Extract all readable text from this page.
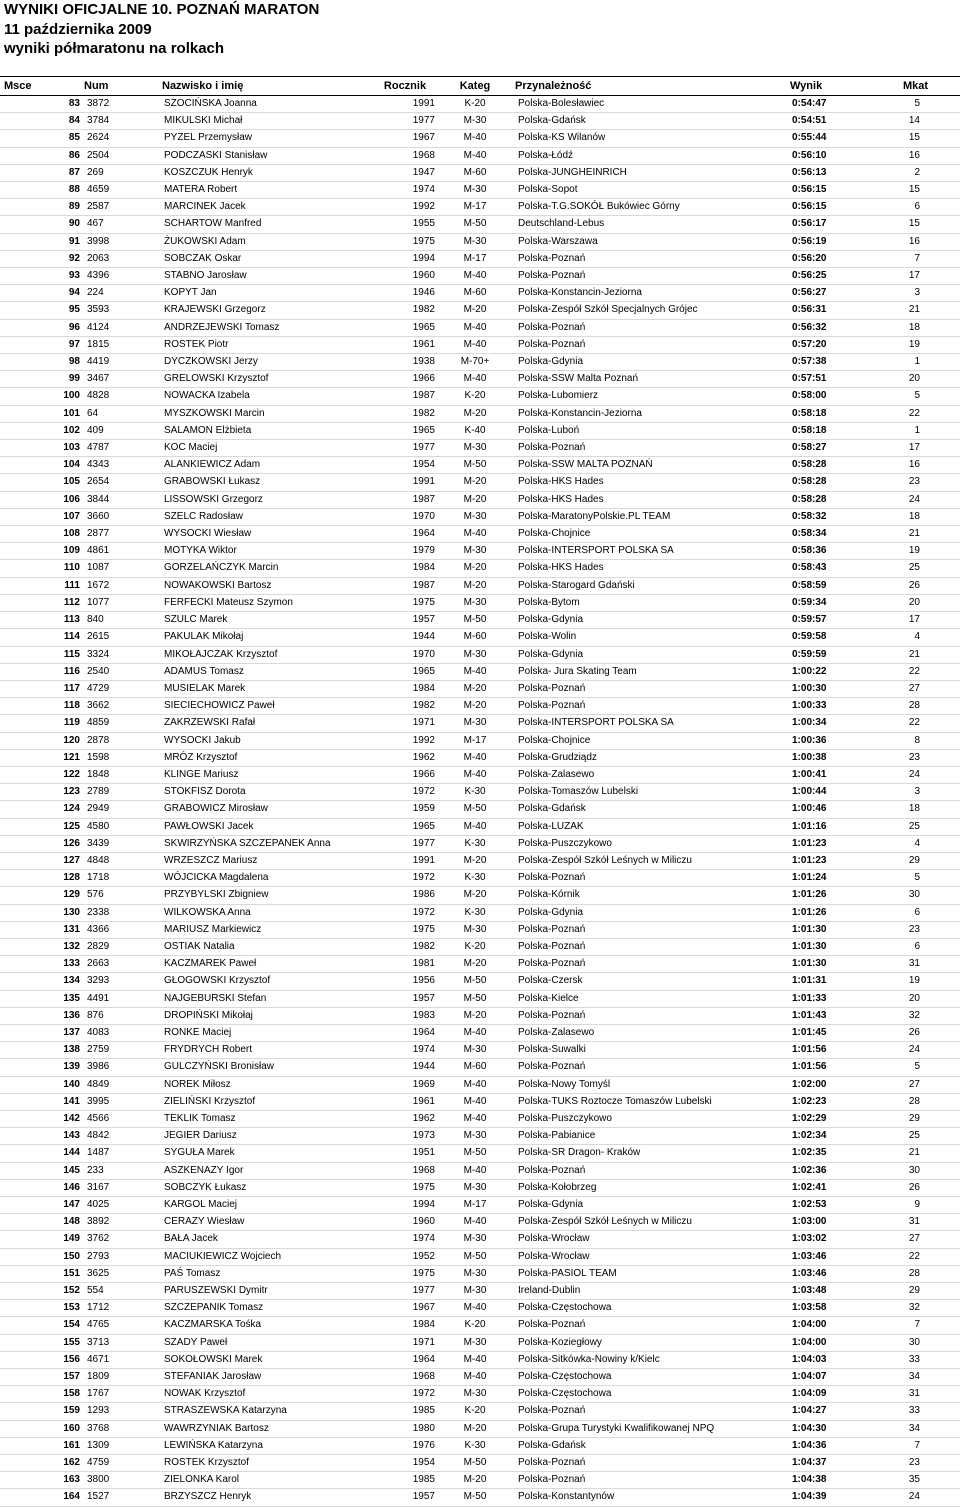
WYNIKI OFICJALNE 10. POZNAŃ MARATON
11 października 2009
wyniki półmaratonu na rolkach
Msce	Num	Nazwisko i imię	Rocznik	Kateg	Przynależność	Wynik	Mkat
83	3872	SZOCIŃSKA Joanna	1991	K-20	Polska-Bolesławiec	0:54:47	5
84	3784	MIKULSKI Michał	1977	M-30	Polska-Gdańsk	0:54:51	14
85	2624	PYZEL Przemysław	1967	M-40	Polska-KS Wilanów	0:55:44	15
86	2504	PODCZASKI Stanisław	1968	M-40	Polska-Łódź	0:56:10	16
87	269	KOSZCZUK Henryk	1947	M-60	Polska-JUNGHEINRICH	0:56:13	2
88	4659	MATERA Robert	1974	M-30	Polska-Sopot	0:56:15	15
89	2587	MARCINEK Jacek	1992	M-17	Polska-T.G.SOKÓŁ Bukówiec Górny	0:56:15	6
90	467	SCHARTOW Manfred	1955	M-50	Deutschland-Lebus	0:56:17	15
91	3998	ŻUKOWSKI Adam	1975	M-30	Polska-Warszawa	0:56:19	16
92	2063	SOBCZAK Oskar	1994	M-17	Polska-Poznań	0:56:20	7
93	4396	STABNO Jarosław	1960	M-40	Polska-Poznań	0:56:25	17
94	224	KOPYT Jan	1946	M-60	Polska-Konstancin-Jeziorna	0:56:27	3
95	3593	KRAJEWSKI Grzegorz	1982	M-20	Polska-Zespół Szkół Specjalnych Grójec	0:56:31	21
96	4124	ANDRZEJEWSKI Tomasz	1965	M-40	Polska-Poznań	0:56:32	18
97	1815	ROSTEK Piotr	1961	M-40	Polska-Poznań	0:57:20	19
98	4419	DYCZKOWSKI Jerzy	1938	M-70+	Polska-Gdynia	0:57:38	1
99	3467	GRELOWSKI Krzysztof	1966	M-40	Polska-SSW Malta Poznań	0:57:51	20
100	4828	NOWACKA Izabela	1987	K-20	Polska-Lubomierz	0:58:00	5
101	64	MYSZKOWSKI Marcin	1982	M-20	Polska-Konstancin-Jeziorna	0:58:18	22
102	409	SALAMON Elżbieta	1965	K-40	Polska-Luboń	0:58:18	1
103	4787	KOC Maciej	1977	M-30	Polska-Poznań	0:58:27	17
104	4343	ALANKIEWICZ Adam	1954	M-50	Polska-SSW MALTA POZNAŃ	0:58:28	16
105	2654	GRABOWSKI Łukasz	1991	M-20	Polska-HKS Hades	0:58:28	23
106	3844	LISSOWSKI Grzegorz	1987	M-20	Polska-HKS Hades	0:58:28	24
107	3660	SZELC Radosław	1970	M-30	Polska-MaratonyPolskie.PL TEAM	0:58:32	18
108	2877	WYSOCKI Wiesław	1964	M-40	Polska-Chojnice	0:58:34	21
109	4861	MOTYKA Wiktor	1979	M-30	Polska-INTERSPORT POLSKA SA	0:58:36	19
110	1087	GORZELAŃCZYK Marcin	1984	M-20	Polska-HKS Hades	0:58:43	25
111	1672	NOWAKOWSKI Bartosz	1987	M-20	Polska-Starogard Gdański	0:58:59	26
112	1077	FERFECKI Mateusz Szymon	1975	M-30	Polska-Bytom	0:59:34	20
113	840	SZULC Marek	1957	M-50	Polska-Gdynia	0:59:57	17
114	2615	PAKULAK Mikołaj	1944	M-60	Polska-Wolin	0:59:58	4
115	3324	MIKOŁAJCZAK Krzysztof	1970	M-30	Polska-Gdynia	0:59:59	21
116	2540	ADAMUS Tomasz	1965	M-40	Polska- Jura Skating Team	1:00:22	22
117	4729	MUSIELAK Marek	1984	M-20	Polska-Poznań	1:00:30	27
118	3662	SIECIECHOWICZ Paweł	1982	M-20	Polska-Poznań	1:00:33	28
119	4859	ZAKRZEWSKI Rafał	1971	M-30	Polska-INTERSPORT POLSKA SA	1:00:34	22
120	2878	WYSOCKI Jakub	1992	M-17	Polska-Chojnice	1:00:36	8
121	1598	MRÓZ Krzysztof	1962	M-40	Polska-Grudziądz	1:00:38	23
122	1848	KLINGE Mariusz	1966	M-40	Polska-Zalasewo	1:00:41	24
123	2789	STOKFISZ Dorota	1972	K-30	Polska-Tomaszów Lubelski	1:00:44	3
124	2949	GRABOWICZ Mirosław	1959	M-50	Polska-Gdańsk	1:00:46	18
125	4580	PAWŁOWSKI Jacek	1965	M-40	Polska-LUZAK	1:01:16	25
126	3439	SKWIRZYŃSKA SZCZEPANEK Anna	1977	K-30	Polska-Puszczykowo	1:01:23	4
127	4848	WRZESZCZ Mariusz	1991	M-20	Polska-Zespół Szkół Leśnych w Miliczu	1:01:23	29
128	1718	WÓJCICKA Magdalena	1972	K-30	Polska-Poznań	1:01:24	5
129	576	PRZYBYLSKI Zbigniew	1986	M-20	Polska-Kórnik	1:01:26	30
130	2338	WILKOWSKA Anna	1972	K-30	Polska-Gdynia	1:01:26	6
131	4366	MARIUSZ Markiewicz	1975	M-30	Polska-Poznań	1:01:30	23
132	2829	OSTIAK Natalia	1982	K-20	Polska-Poznań	1:01:30	6
133	2663	KACZMAREK Paweł	1981	M-20	Polska-Poznań	1:01:30	31
134	3293	GŁOGOWSKI Krzysztof	1956	M-50	Polska-Czersk	1:01:31	19
135	4491	NAJGEBURSKI Stefan	1957	M-50	Polska-Kielce	1:01:33	20
136	876	DROPIŃSKI Mikołaj	1983	M-20	Polska-Poznań	1:01:43	32
137	4083	RONKE Maciej	1964	M-40	Polska-Zalasewo	1:01:45	26
138	2759	FRYDRYCH Robert	1974	M-30	Polska-Suwalki	1:01:56	24
139	3986	GULCZYŃSKI Bronisław	1944	M-60	Polska-Poznań	1:01:56	5
140	4849	NOREK Miłosz	1969	M-40	Polska-Nowy Tomyśl	1:02:00	27
141	3995	ZIELIŃSKI Krzysztof	1961	M-40	Polska-TUKS Roztocze Tomaszów Lubelski	1:02:23	28
142	4566	TEKLIK Tomasz	1962	M-40	Polska-Puszczykowo	1:02:29	29
143	4842	JEGIER Dariusz	1973	M-30	Polska-Pabianice	1:02:34	25
144	1487	SYGUŁA Marek	1951	M-50	Polska-SR Dragon- Kraków	1:02:35	21
145	233	ASZKENAZY Igor	1968	M-40	Polska-Poznań	1:02:36	30
146	3167	SOBCZYK Łukasz	1975	M-30	Polska-Kołobrzeg	1:02:41	26
147	4025	KARGOL Maciej	1994	M-17	Polska-Gdynia	1:02:53	9
148	3892	CERAZY Wiesław	1960	M-40	Polska-Zespół Szkół Leśnych w Miliczu	1:03:00	31
149	3762	BAŁA Jacek	1974	M-30	Polska-Wrocław	1:03:02	27
150	2793	MACIUKIEWICZ Wojciech	1952	M-50	Polska-Wrocław	1:03:46	22
151	3625	PAŚ Tomasz	1975	M-30	Polska-PASIOL TEAM	1:03:46	28
152	554	PARUSZEWSKI Dymitr	1977	M-30	Ireland-Dublin	1:03:48	29
153	1712	SZCZEPANIK Tomasz	1967	M-40	Polska-Częstochowa	1:03:58	32
154	4765	KACZMARSKA Tośka	1984	K-20	Polska-Poznań	1:04:00	7
155	3713	SZADY Paweł	1971	M-30	Polska-Koziegłowy	1:04:00	30
156	4671	SOKOŁOWSKI Marek	1964	M-40	Polska-Sitkówka-Nowiny k/Kielc	1:04:03	33
157	1809	STEFANIAK Jarosław	1968	M-40	Polska-Częstochowa	1:04:07	34
158	1767	NOWAK Krzysztof	1972	M-30	Polska-Częstochowa	1:04:09	31
159	1293	STRASZEWSKA Katarzyna	1985	K-20	Polska-Poznań	1:04:27	33
160	3768	WAWRZYNIAK Bartosz	1980	M-20	Polska-Grupa Turystyki Kwalifikowanej NPQ	1:04:30	34
161	1309	LEWIŃSKA Katarzyna	1976	K-30	Polska-Gdańsk	1:04:36	7
162	4759	ROSTEK Krzysztof	1954	M-50	Polska-Poznań	1:04:37	23
163	3800	ZIELONKA Karol	1985	M-20	Polska-Poznań	1:04:38	35
164	1527	BRZYSZCZ Henryk	1957	M-50	Polska-Konstantynów	1:04:39	24
